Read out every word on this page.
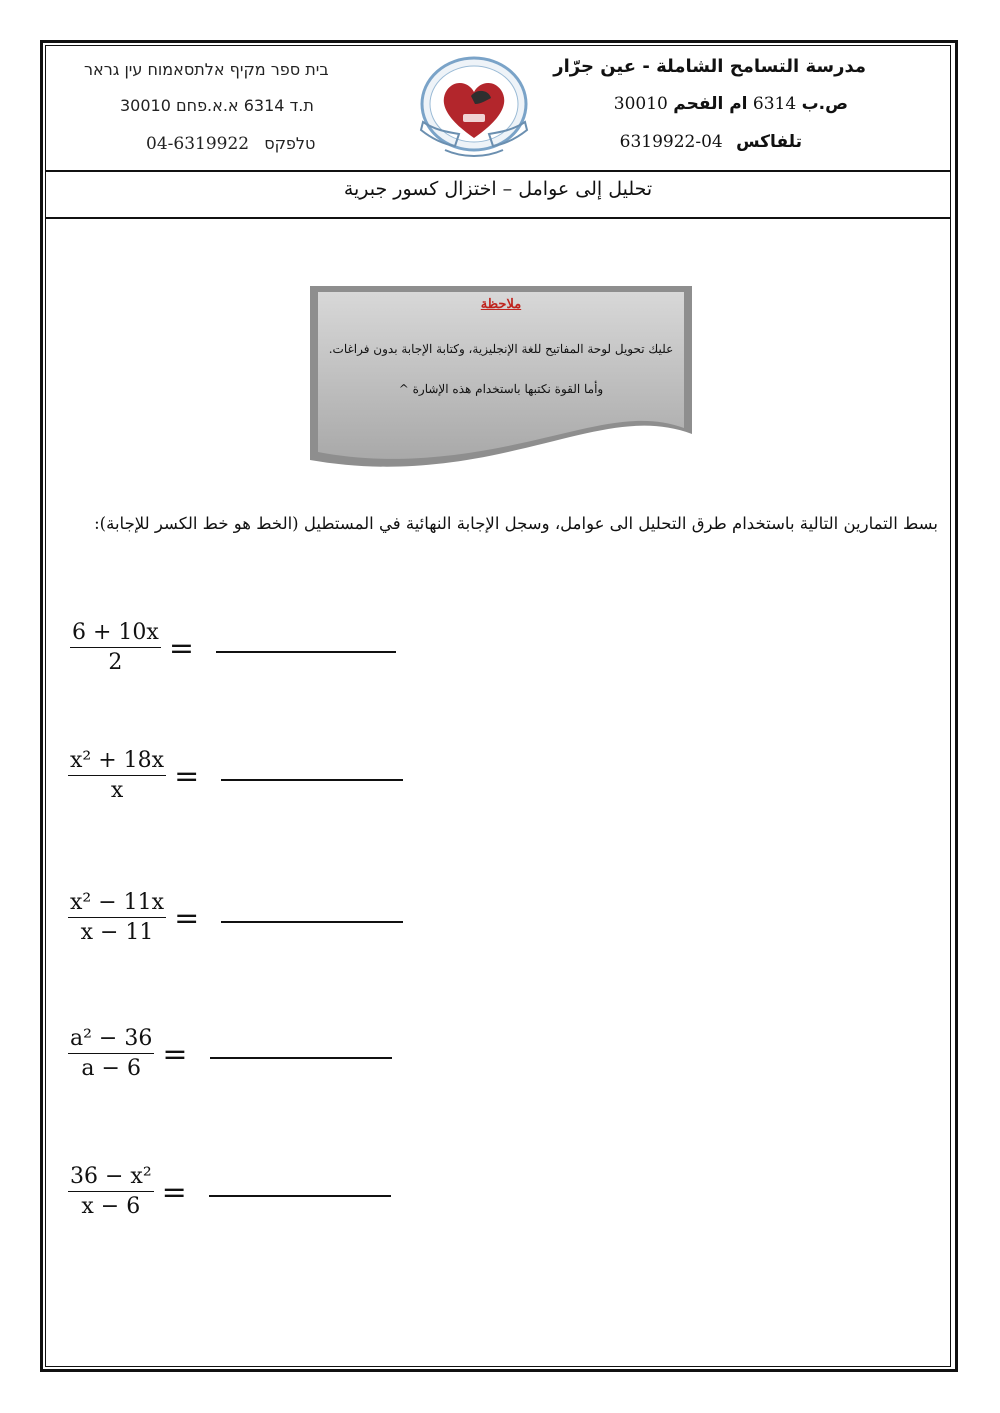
בית ספר מקיף אלתסאמוח עין גראר
ת.ד 6314 א.א.פחם 30010
04-6319922 טלפקס
مدرسة التسامح الشاملة - عين جرّار
ص.ب 6314 ام الفحم 30010
تلفاكس 04-6319922
تحليل إلى عوامل – اختزال كسور جبرية
ملاحظة
عليك تحويل لوحة المفاتيح للغة الإنجليزية، وكتابة الإجابة بدون فراغات.
وأما القوة نكتبها باستخدام هذه الإشارة ^
بسط التمارين التالية باستخدام طرق التحليل الى عوامل، وسجل الإجابة النهائية في المستطيل (الخط هو خط الكسر للإجابة):
$\frac{6 + 10x}{2}$ =
$\frac{\text{x² + 18x}}{x}$ =
$\frac{\text{x² − 11x}}{x - 11}$ =
$\frac{\text{a² − 36}}{a - 6}$ =
$\frac{\text{36 − x²}}{x - 6}$ =
